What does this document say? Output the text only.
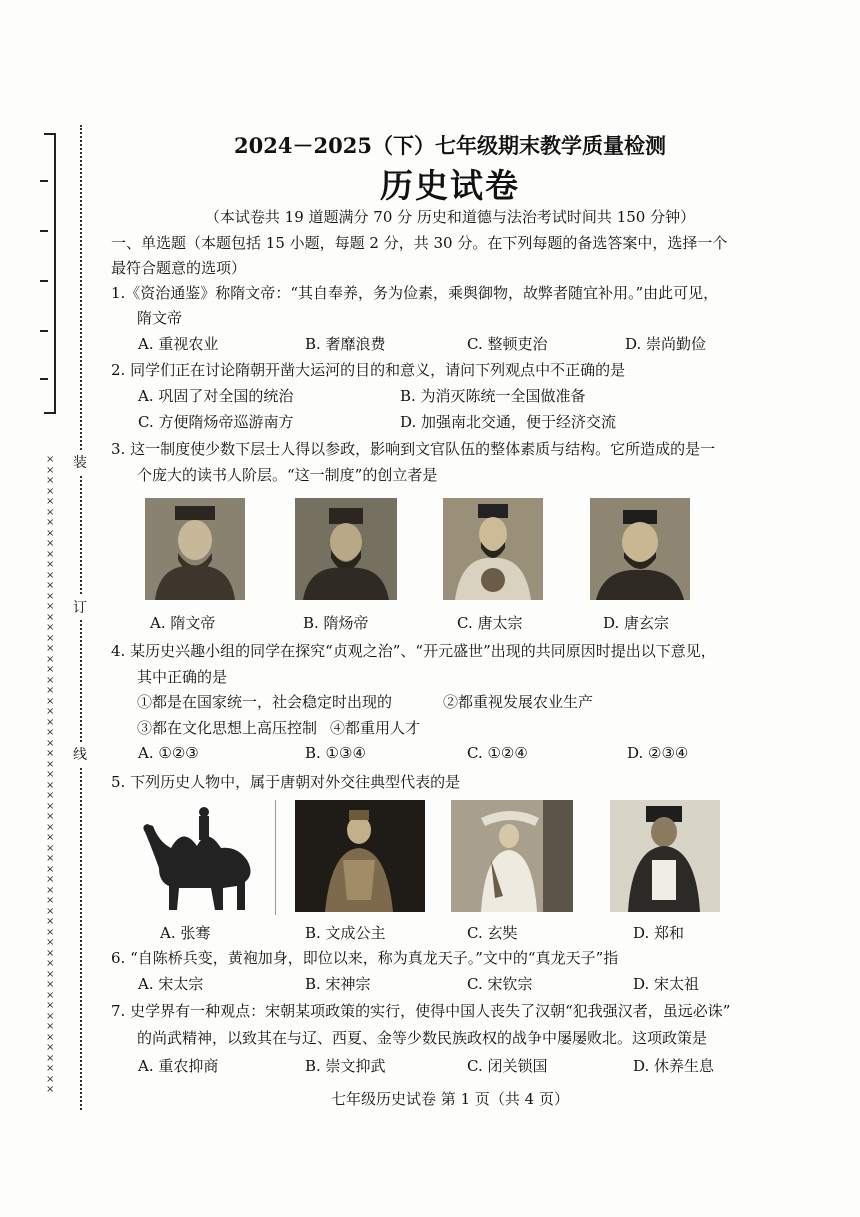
×××××××××××××××××××××××××××××××××××××××××××××××××××××××××××××
装
订
线
2024－2025（下）七年级期末教学质量检测
历史试卷
（本试卷共 19 道题满分 70 分 历史和道德与法治考试时间共 150 分钟）
一、单选题（本题包括 15 小题，每题 2 分，共 30 分。在下列每题的备选答案中，选择一个
最符合题意的选项）
1.《资治通鉴》称隋文帝：“其自奉养，务为俭素，乘舆御物，故弊者随宜补用。”由此可见，
隋文帝
A. 重视农业	B. 奢靡浪费	C. 整顿吏治	D. 崇尚勤俭
2. 同学们正在讨论隋朝开凿大运河的目的和意义，请问下列观点中不正确的是
A. 巩固了对全国的统治	B. 为消灭陈统一全国做准备
C. 方便隋炀帝巡游南方	D. 加强南北交通，便于经济交流
3. 这一制度使少数下层士人得以参政，影响到文官队伍的整体素质与结构。它所造成的是一
个庞大的读书人阶层。“这一制度”的创立者是
A. 隋文帝	B. 隋炀帝	C. 唐太宗	D. 唐玄宗
4. 某历史兴趣小组的同学在探究“贞观之治”、“开元盛世”出现的共同原因时提出以下意见，
其中正确的是
①都是在国家统一，社会稳定时出现的	②都重视发展农业生产
③都在文化思想上高压控制 ④都重用人才
A. ①②③	B. ①③④	C. ①②④	D. ②③④
5. 下列历史人物中，属于唐朝对外交往典型代表的是
A. 张骞	B. 文成公主	C. 玄奘	D. 郑和
6. “自陈桥兵变，黄袍加身，即位以来，称为真龙天子。”文中的“真龙天子”指
A. 宋太宗	B. 宋神宗	C. 宋钦宗	D. 宋太祖
7. 史学界有一种观点：宋朝某项政策的实行，使得中国人丧失了汉朝“犯我强汉者，虽远必诛”
的尚武精神，以致其在与辽、西夏、金等少数民族政权的战争中屡屡败北。这项政策是
A. 重农抑商	B. 崇文抑武	C. 闭关锁国	D. 休养生息
七年级历史试卷 第 1 页（共 4 页）
